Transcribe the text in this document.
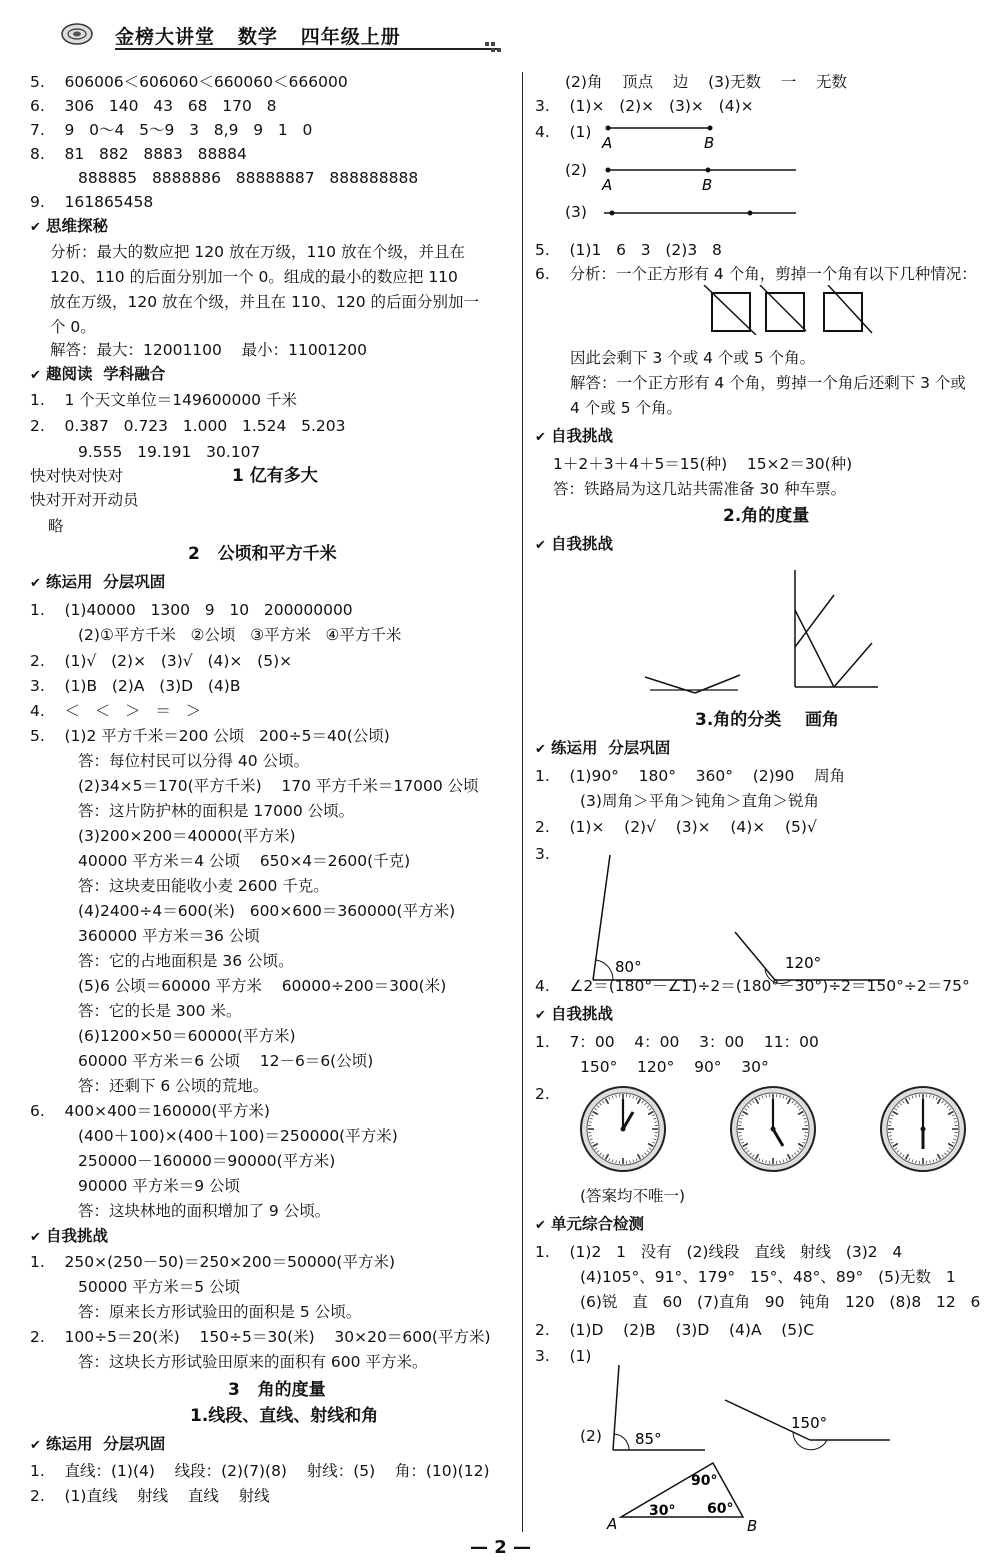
金榜大讲堂   数学   四年级上册
5.    606006＜606060＜660060＜666000
6.    306   140   43   68   170   8
7.    9   0～4   5～9   3   8,9   9   1   0
8.    81   882   8883   88884
888885   8888886   88888887   888888888
9.    161865458
✔ 思维探秘
分析：最大的数应把 120 放在万级，110 放在个级，并且在
120、110 的后面分别加一个 0。组成的最小的数应把 110
放在万级，120 放在个级，并且在 110、120 的后面分别加一
个 0。
解答：最大：12001100    最小：11001200
✔ 趣阅读  学科融合
1.    1 个天文单位＝149600000 千米
2.    0.387   0.723   1.000   1.524   5.203
9.555   19.191   30.107
快对快对快对	1 亿有多大
快对开对开动员
略
2   公顷和平方千米
✔ 练运用  分层巩固
1.    (1)40000   1300   9   10   200000000
(2)①平方千米   ②公顷   ③平方米   ④平方千米
2.    (1)√   (2)×   (3)√   (4)×   (5)×
3.    (1)B   (2)A   (3)D   (4)B
4.    ＜   ＜   ＞   ＝   ＞
5.    (1)2 平方千米＝200 公顷   200÷5＝40(公顷)
答：每位村民可以分得 40 公顷。
(2)34×5＝170(平方千米)    170 平方千米＝17000 公顷
答：这片防护林的面积是 17000 公顷。
(3)200×200＝40000(平方米)
40000 平方米＝4 公顷    650×4＝2600(千克)
答：这块麦田能收小麦 2600 千克。
(4)2400÷4＝600(米)   600×600＝360000(平方米)
360000 平方米＝36 公顷
答：它的占地面积是 36 公顷。
(5)6 公顷＝60000 平方米    60000÷200＝300(米)
答：它的长是 300 米。
(6)1200×50＝60000(平方米)
60000 平方米＝6 公顷    12－6＝6(公顷)
答：还剩下 6 公顷的荒地。
6.    400×400＝160000(平方米)
(400＋100)×(400＋100)＝250000(平方米)
250000－160000＝90000(平方米)
90000 平方米＝9 公顷
答：这块林地的面积增加了 9 公顷。
✔ 自我挑战
1.    250×(250－50)＝250×200＝50000(平方米)
50000 平方米＝5 公顷
答：原来长方形试验田的面积是 5 公顷。
2.    100÷5＝20(米)    150÷5＝30(米)    30×20＝600(平方米)
答：这块长方形试验田原来的面积有 600 平方米。
3   角的度量
1.线段、直线、射线和角
✔ 练运用  分层巩固
1.    直线：(1)(4)    线段：(2)(7)(8)    射线：(5)    角：(10)(12)
2.    (1)直线    射线    直线    射线
(2)角    顶点    边    (3)无数    一    无数
3.    (1)×   (2)×   (3)×   (4)×
4.    (1)
(2)
(3)
5.    (1)1   6   3   (2)3   8
6.    分析：一个正方形有 4 个角，剪掉一个角有以下几种情况：
因此会剩下 3 个或 4 个或 5 个角。
解答：一个正方形有 4 个角，剪掉一个角后还剩下 3 个或
4 个或 5 个角。
✔ 自我挑战
1＋2＋3＋4＋5＝15(种)    15×2＝30(种)
答：铁路局为这几站共需准备 30 种车票。
2.角的度量
✔ 自我挑战
3.角的分类    画角
✔ 练运用  分层巩固
1.    (1)90°    180°    360°    (2)90    周角
(3)周角＞平角＞钝角＞直角＞锐角
2.    (1)×    (2)√    (3)×    (4)×    (5)√
3.
4.    ∠2＝(180°－∠1)÷2＝(180°－30°)÷2＝150°÷2＝75°
✔ 自我挑战
1.    7：00    4：00    3：00    11：00
150°    120°    90°    30°
2.
(答案均不唯一)
✔ 单元综合检测
1.    (1)2   1   没有   (2)线段   直线   射线   (3)2   4
(4)105°、91°、179°   15°、48°、89°   (5)无数   1
(6)锐   直   60   (7)直角   90   钝角   120   (8)8   12   6
2.    (1)D    (2)B    (3)D    (4)A    (5)C
3.    (1)
(2)
A	B
A	B
80°	120°
85°
150°
A	B
90°
30° 60°
— 2 —
